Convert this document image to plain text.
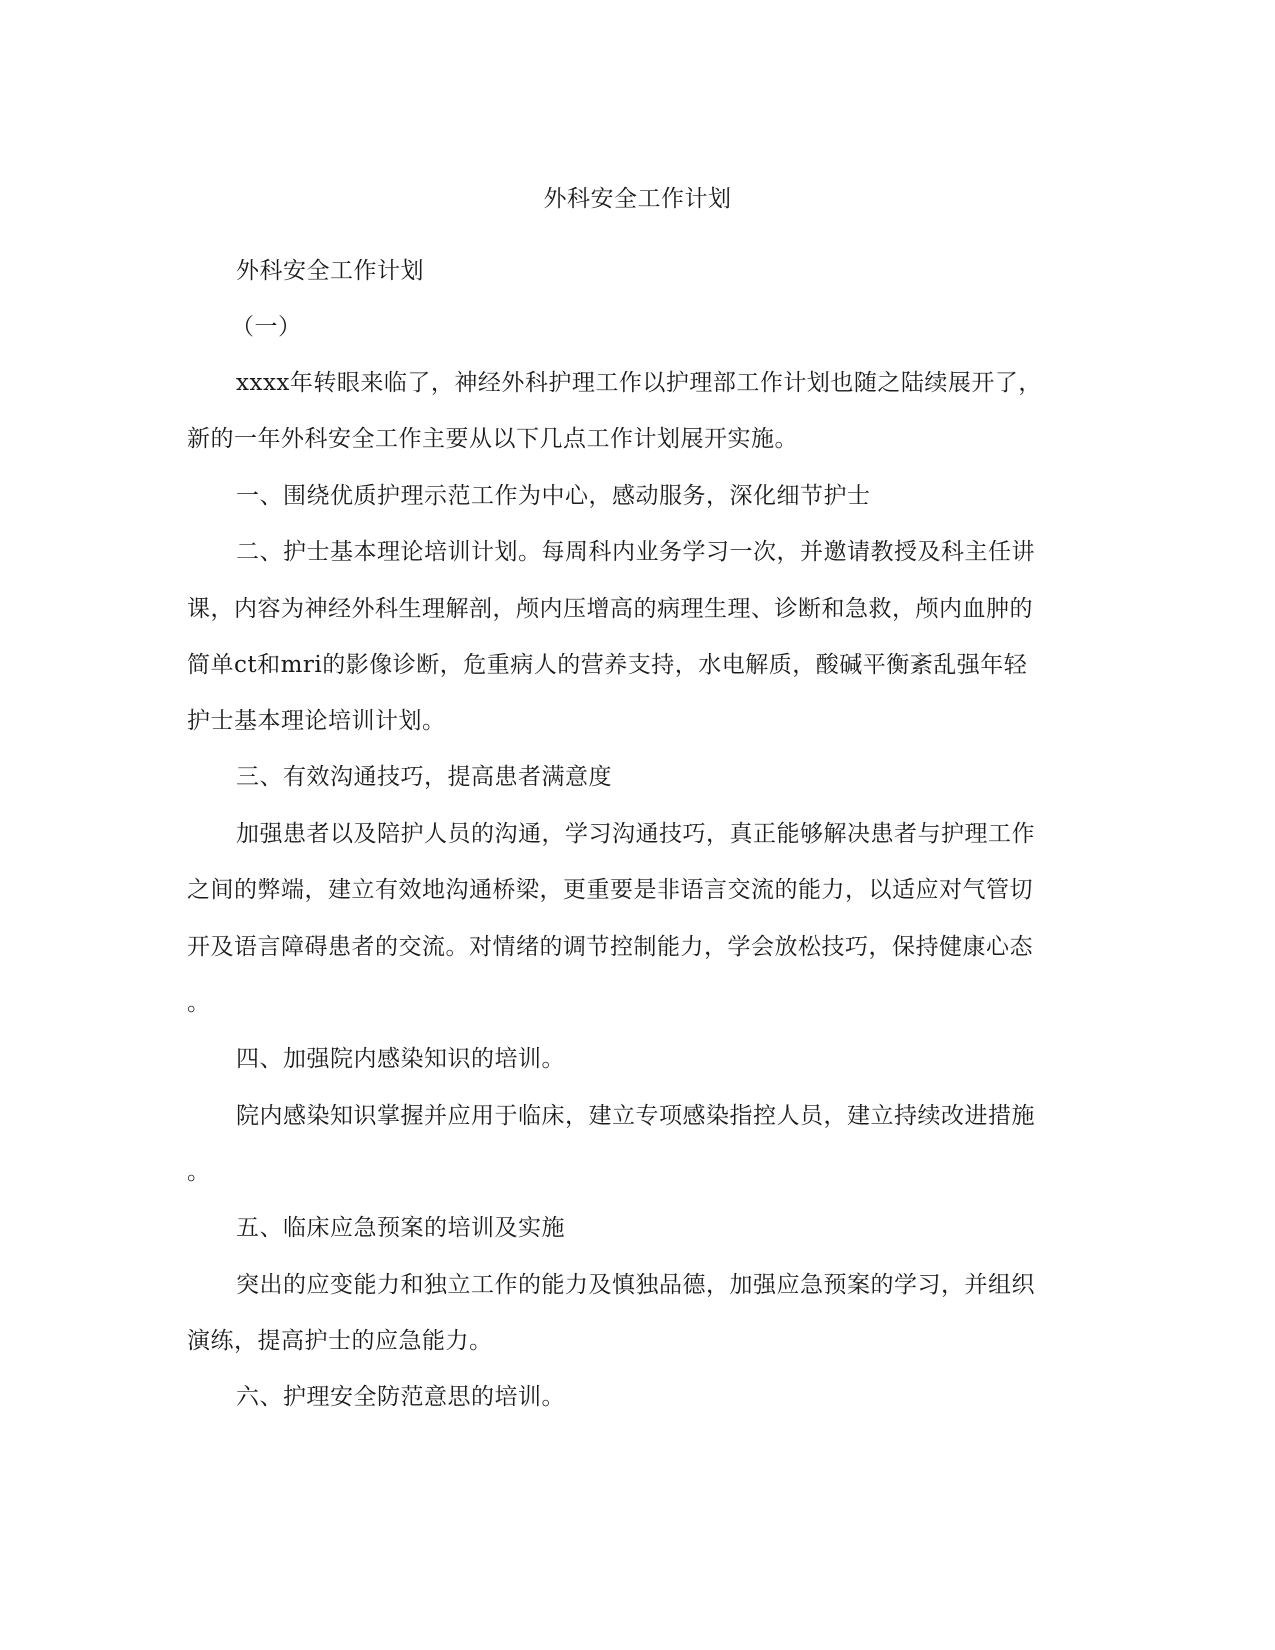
外科安全工作计划
外科安全工作计划
（一）
xxxx年转眼来临了，神经外科护理工作以护理部工作计划也随之陆续展开了，
新的一年外科安全工作主要从以下几点工作计划展开实施。
一、围绕优质护理示范工作为中心，感动服务，深化细节护士
二、护士基本理论培训计划。每周科内业务学习一次，并邀请教授及科主任讲
课，内容为神经外科生理解剖，颅内压增高的病理生理、诊断和急救，颅内血肿的
简单ct和mri的影像诊断，危重病人的营养支持，水电解质，酸碱平衡紊乱强年轻
护士基本理论培训计划。
三、有效沟通技巧，提高患者满意度
加强患者以及陪护人员的沟通，学习沟通技巧，真正能够解决患者与护理工作
之间的弊端，建立有效地沟通桥梁，更重要是非语言交流的能力，以适应对气管切
开及语言障碍患者的交流。对情绪的调节控制能力，学会放松技巧，保持健康心态
。
四、加强院内感染知识的培训。
院内感染知识掌握并应用于临床，建立专项感染指控人员，建立持续改进措施
。
五、临床应急预案的培训及实施
突出的应变能力和独立工作的能力及慎独品德，加强应急预案的学习，并组织
演练，提高护士的应急能力。
六、护理安全防范意思的培训。
